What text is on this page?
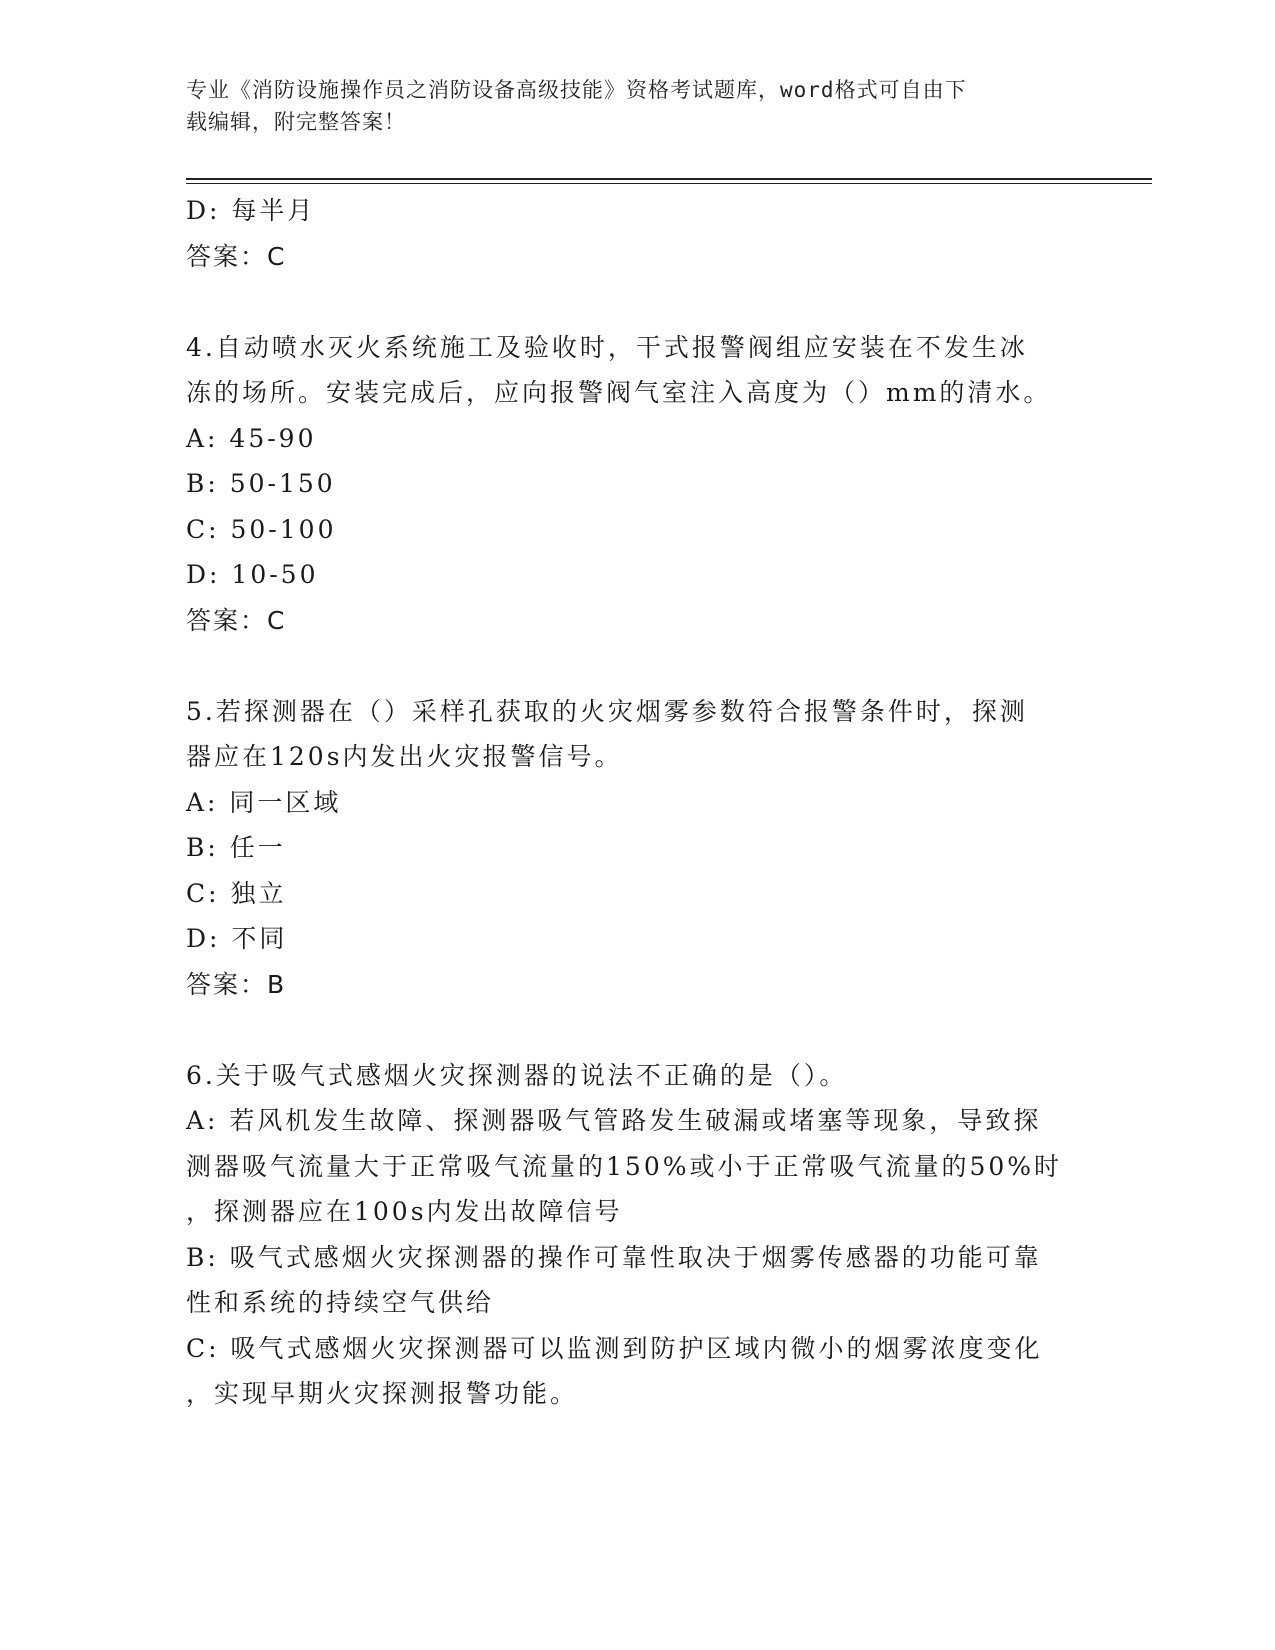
专业《消防设施操作员之消防设备高级技能》资格考试题库，word格式可自由下
载编辑，附完整答案！

D: 每半月

答案：C

4.自动喷水灭火系统施工及验收时，干式报警阀组应安装在不发生冰

冻的场所。安装完成后，应向报警阀气室注入高度为（）mm的清水。

A: 45-90

B: 50-150

C: 50-100

D: 10-50

答案：C

5.若探测器在（）采样孔获取的火灾烟雾参数符合报警条件时，探测

器应在120s内发出火灾报警信号。

A: 同一区域

B: 任一

C: 独立

D: 不同

答案：B

6.关于吸气式感烟火灾探测器的说法不正确的是（）。

A: 若风机发生故障、探测器吸气管路发生破漏或堵塞等现象，导致探

测器吸气流量大于正常吸气流量的150%或小于正常吸气流量的50%时

，探测器应在100s内发出故障信号

B: 吸气式感烟火灾探测器的操作可靠性取决于烟雾传感器的功能可靠

性和系统的持续空气供给

C: 吸气式感烟火灾探测器可以监测到防护区域内微小的烟雾浓度变化

，实现早期火灾探测报警功能。
